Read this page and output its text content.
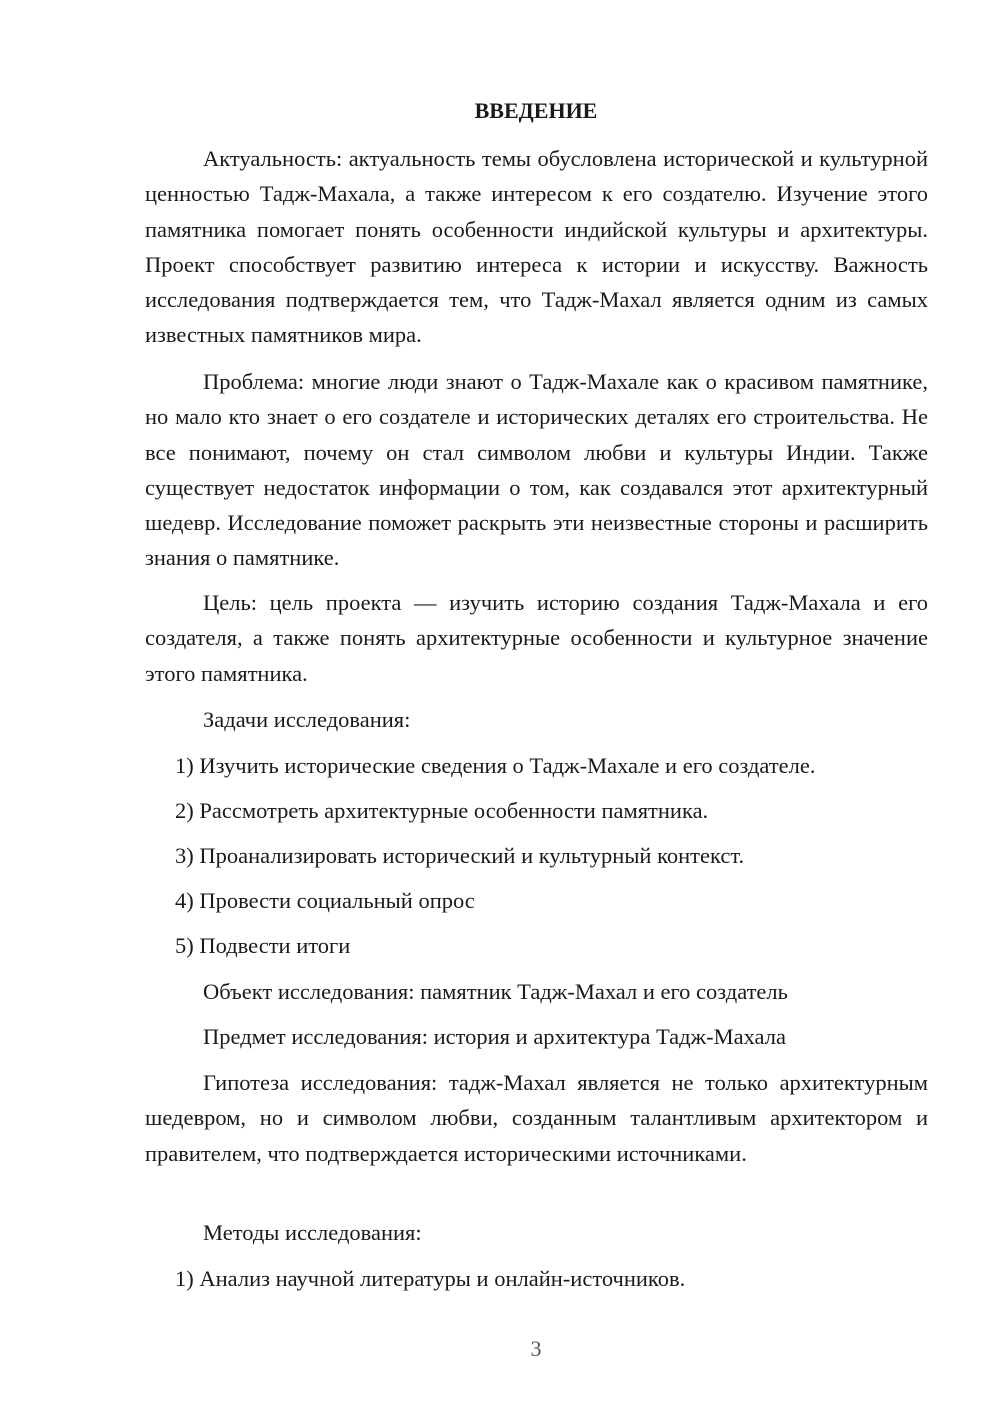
ВВЕДЕНИЕ

Актуальность: актуальность темы обусловлена исторической и культурной ценностью Тадж-Махала, а также интересом к его создателю. Изучение этого памятника помогает понять особенности индийской культуры и архитектуры. Проект способствует развитию интереса к истории и искусству. Важность исследования подтверждается тем, что Тадж-Махал является одним из самых известных памятников мира.

Проблема: многие люди знают о Тадж-Махале как о красивом памятнике, но мало кто знает о его создателе и исторических деталях его строительства. Не все понимают, почему он стал символом любви и культуры Индии. Также существует недостаток информации о том, как создавался этот архитектурный шедевр. Исследование поможет раскрыть эти неизвестные стороны и расширить знания о памятнике.

Цель: цель проекта — изучить историю создания Тадж-Махала и его создателя, а также понять архитектурные особенности и культурное значение этого памятника.

Задачи исследования:

1) Изучить исторические сведения о Тадж-Махале и его создателе.

2) Рассмотреть архитектурные особенности памятника.

3) Проанализировать исторический и культурный контекст.

4) Провести социальный опрос

5) Подвести итоги

Объект исследования: памятник Тадж-Махал и его создатель

Предмет исследования: история и архитектура Тадж-Махала

Гипотеза исследования: тадж-Махал является не только архитектурным шедевром, но и символом любви, созданным талантливым архитектором и правителем, что подтверждается историческими источниками.

Методы исследования:

1) Анализ научной литературы и онлайн-источников.

3
